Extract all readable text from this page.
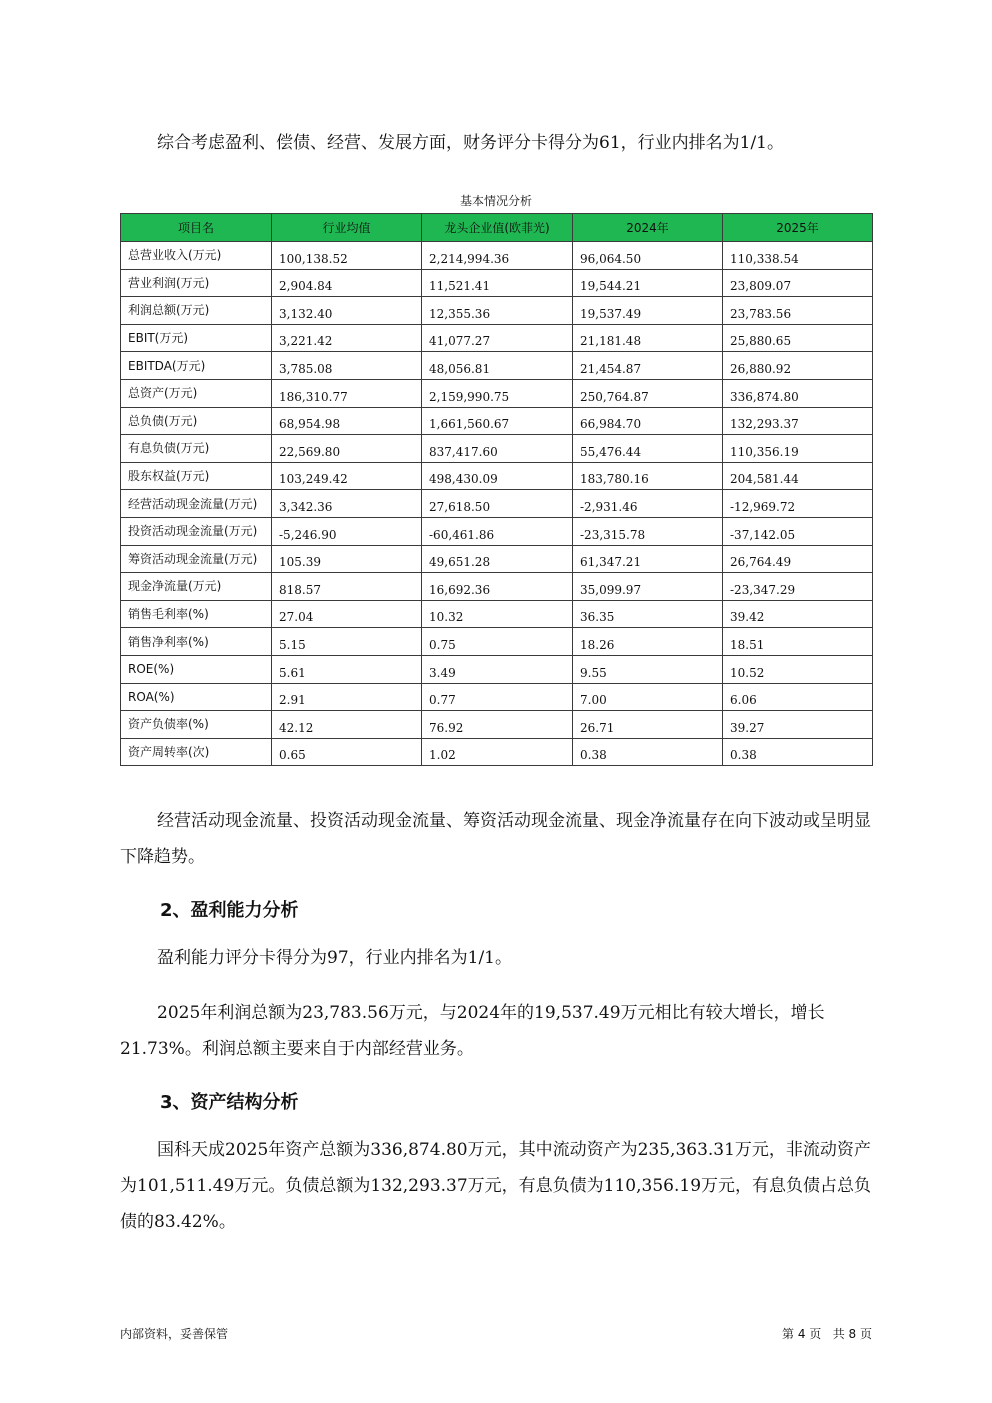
综合考虑盈利、偿债、经营、发展方面，财务评分卡得分为61，行业内排名为1/1。

基本情况分析
项目名	行业均值	龙头企业值(欧菲光)	2024年	2025年
总营业收入(万元)	100,138.52	2,214,994.36	96,064.50	110,338.54
营业利润(万元)	2,904.84	11,521.41	19,544.21	23,809.07
利润总额(万元)	3,132.40	12,355.36	19,537.49	23,783.56
EBIT(万元)	3,221.42	41,077.27	21,181.48	25,880.65
EBITDA(万元)	3,785.08	48,056.81	21,454.87	26,880.92
总资产(万元)	186,310.77	2,159,990.75	250,764.87	336,874.80
总负债(万元)	68,954.98	1,661,560.67	66,984.70	132,293.37
有息负债(万元)	22,569.80	837,417.60	55,476.44	110,356.19
股东权益(万元)	103,249.42	498,430.09	183,780.16	204,581.44
经营活动现金流量(万元)	3,342.36	27,618.50	-2,931.46	-12,969.72
投资活动现金流量(万元)	-5,246.90	-60,461.86	-23,315.78	-37,142.05
筹资活动现金流量(万元)	105.39	49,651.28	61,347.21	26,764.49
现金净流量(万元)	818.57	16,692.36	35,099.97	-23,347.29
销售毛利率(%)	27.04	10.32	36.35	39.42
销售净利率(%)	5.15	0.75	18.26	18.51
ROE(%)	5.61	3.49	9.55	10.52
ROA(%)	2.91	0.77	7.00	6.06
资产负债率(%)	42.12	76.92	26.71	39.27
资产周转率(次)	0.65	1.02	0.38	0.38

经营活动现金流量、投资活动现金流量、筹资活动现金流量、现金净流量存在向下波动或呈明显下降趋势。

2、盈利能力分析

盈利能力评分卡得分为97，行业内排名为1/1。

2025年利润总额为23,783.56万元，与2024年的19,537.49万元相比有较大增长，增长21.73%。利润总额主要来自于内部经营业务。

3、资产结构分析

国科天成2025年资产总额为336,874.80万元，其中流动资产为235,363.31万元，非流动资产为101,511.49万元。负债总额为132,293.37万元，有息负债为110,356.19万元，有息负债占总负债的83.42%。

内部资料，妥善保管	第 4 页   共 8 页
